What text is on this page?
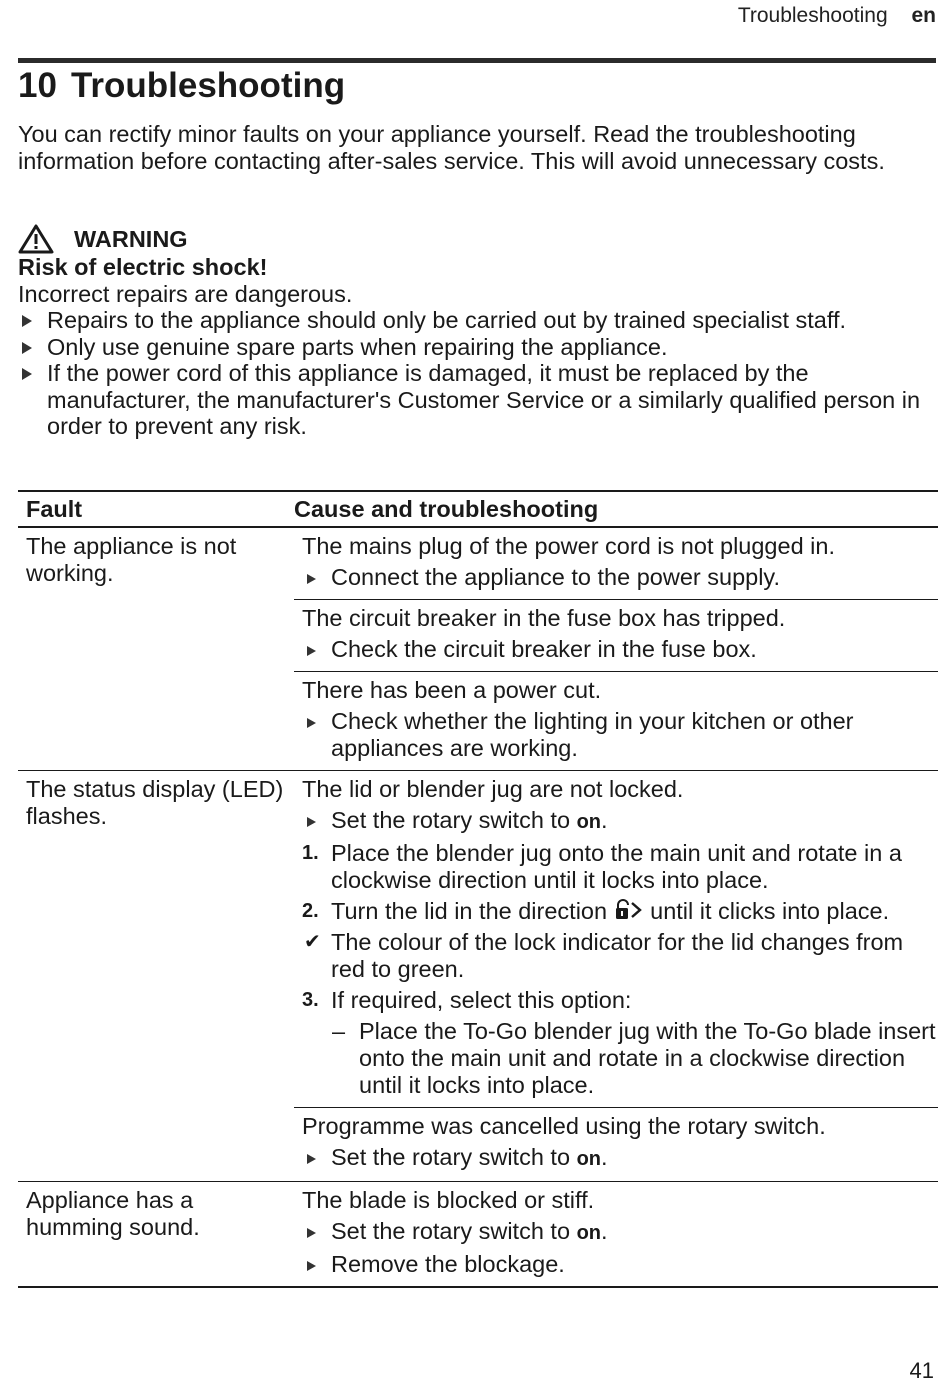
Troubleshooting en
10 Troubleshooting

You can rectify minor faults on your appliance yourself. Read the troubleshooting information before contacting after-sales service. This will avoid unnecessary costs.

WARNING
Risk of electric shock!
Incorrect repairs are dangerous.
Repairs to the appliance should only be carried out by trained specialist staff.
Only use genuine spare parts when repairing the appliance.
If the power cord of this appliance is damaged, it must be replaced by the manufacturer, the manufacturer's Customer Service or a similarly qualified person in order to prevent any risk.
Fault	Cause and troubleshooting
The appliance is not working.
The mains plug of the power cord is not plugged in.
Connect the appliance to the power supply.
The circuit breaker in the fuse box has tripped.
Check the circuit breaker in the fuse box.
There has been a power cut.
Check whether the lighting in your kitchen or other appliances are working.
The status display (LED) flashes.
The lid or blender jug are not locked.
Set the rotary switch to on.
1. Place the blender jug onto the main unit and rotate in a clockwise direction until it locks into place.
2. Turn the lid in the direction until it clicks into place.
✔ The colour of the lock indicator for the lid changes from red to green.
3. If required, select this option:
– Place the To-Go blender jug with the To-Go blade insert onto the main unit and rotate in a clockwise direction until it locks into place.
Programme was cancelled using the rotary switch.
Set the rotary switch to on.
Appliance has a humming sound.
The blade is blocked or stiff.
Set the rotary switch to on.
Remove the blockage.
41
